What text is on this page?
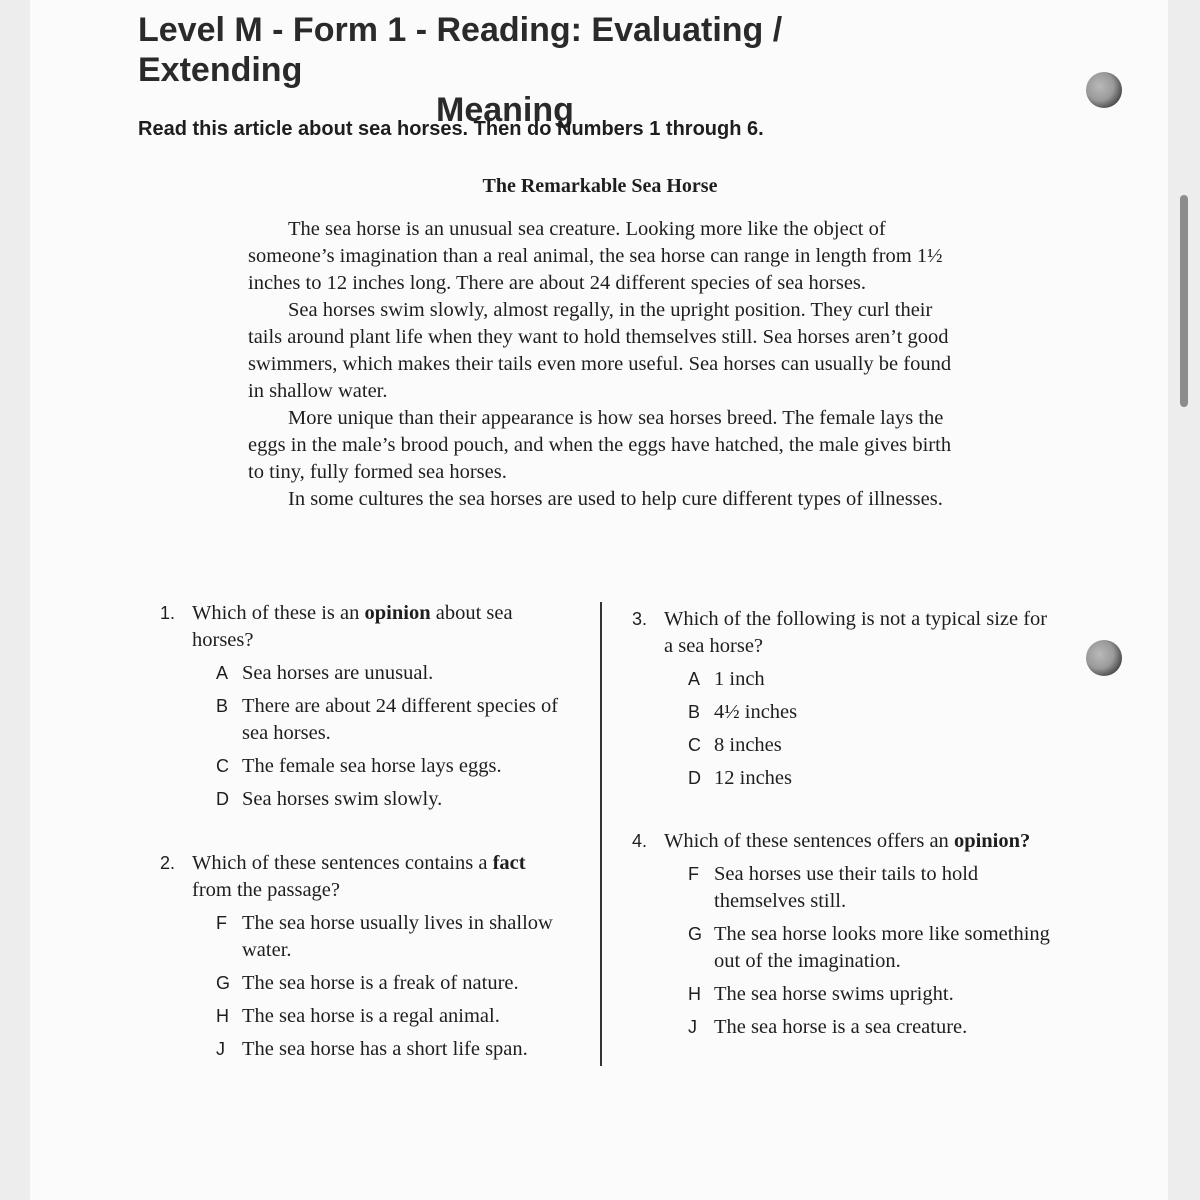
Level M - Form 1 - Reading: Evaluating / Extending
Meaning
Read this article about sea horses. Then do Numbers 1 through 6.
The Remarkable Sea Horse

The sea horse is an unusual sea creature. Looking more like the object of someone’s imagination than a real animal, the sea horse can range in length from 1½ inches to 12 inches long. There are about 24 different species of sea horses.

Sea horses swim slowly, almost regally, in the upright position. They curl their tails around plant life when they want to hold themselves still. Sea horses aren’t good swimmers, which makes their tails even more useful. Sea horses can usually be found in shallow water.

More unique than their appearance is how sea horses breed. The female lays the eggs in the male’s brood pouch, and when the eggs have hatched, the male gives birth to tiny, fully formed sea horses.

In some cultures the sea horses are used to help cure different types of illnesses.

1. Which of these is an opinion about sea horses?
A Sea horses are unusual.
B There are about 24 different species of sea horses.
C The female sea horse lays eggs.
D Sea horses swim slowly.
2. Which of these sentences contains a fact from the passage?
F The sea horse usually lives in shallow water.
G The sea horse is a freak of nature.
H The sea horse is a regal animal.
J The sea horse has a short life span.
3. Which of the following is not a typical size for a sea horse?
A 1 inch
B 4½ inches
C 8 inches
D 12 inches
4. Which of these sentences offers an opinion?
F Sea horses use their tails to hold themselves still.
G The sea horse looks more like something out of the imagination.
H The sea horse swims upright.
J The sea horse is a sea creature.
